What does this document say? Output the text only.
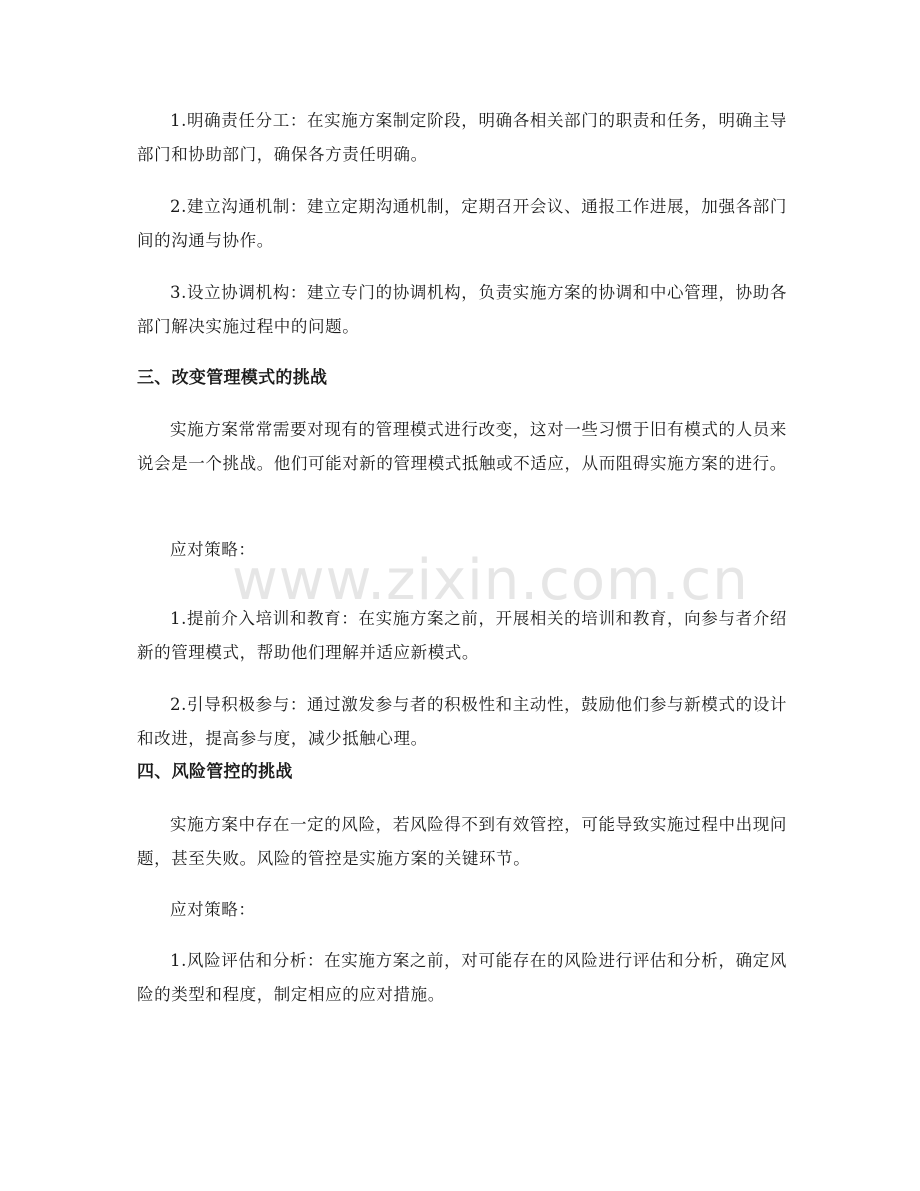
1.明确责任分工：在实施方案制定阶段，明确各相关部门的职责和任务，明确主导部门和协助部门，确保各方责任明确。

2.建立沟通机制：建立定期沟通机制，定期召开会议、通报工作进展，加强各部门间的沟通与协作。

3.设立协调机构：建立专门的协调机构，负责实施方案的协调和中心管理，协助各部门解决实施过程中的问题。

三、改变管理模式的挑战

实施方案常常需要对现有的管理模式进行改变，这对一些习惯于旧有模式的人员来说会是一个挑战。他们可能对新的管理模式抵触或不适应，从而阻碍实施方案的进行。

应对策略：

1.提前介入培训和教育：在实施方案之前，开展相关的培训和教育，向参与者介绍新的管理模式，帮助他们理解并适应新模式。

2.引导积极参与：通过激发参与者的积极性和主动性，鼓励他们参与新模式的设计和改进，提高参与度，减少抵触心理。

四、风险管控的挑战

实施方案中存在一定的风险，若风险得不到有效管控，可能导致实施过程中出现问题，甚至失败。风险的管控是实施方案的关键环节。

应对策略：

1.风险评估和分析：在实施方案之前，对可能存在的风险进行评估和分析，确定风险的类型和程度，制定相应的应对措施。

www.zixin.com.cn
